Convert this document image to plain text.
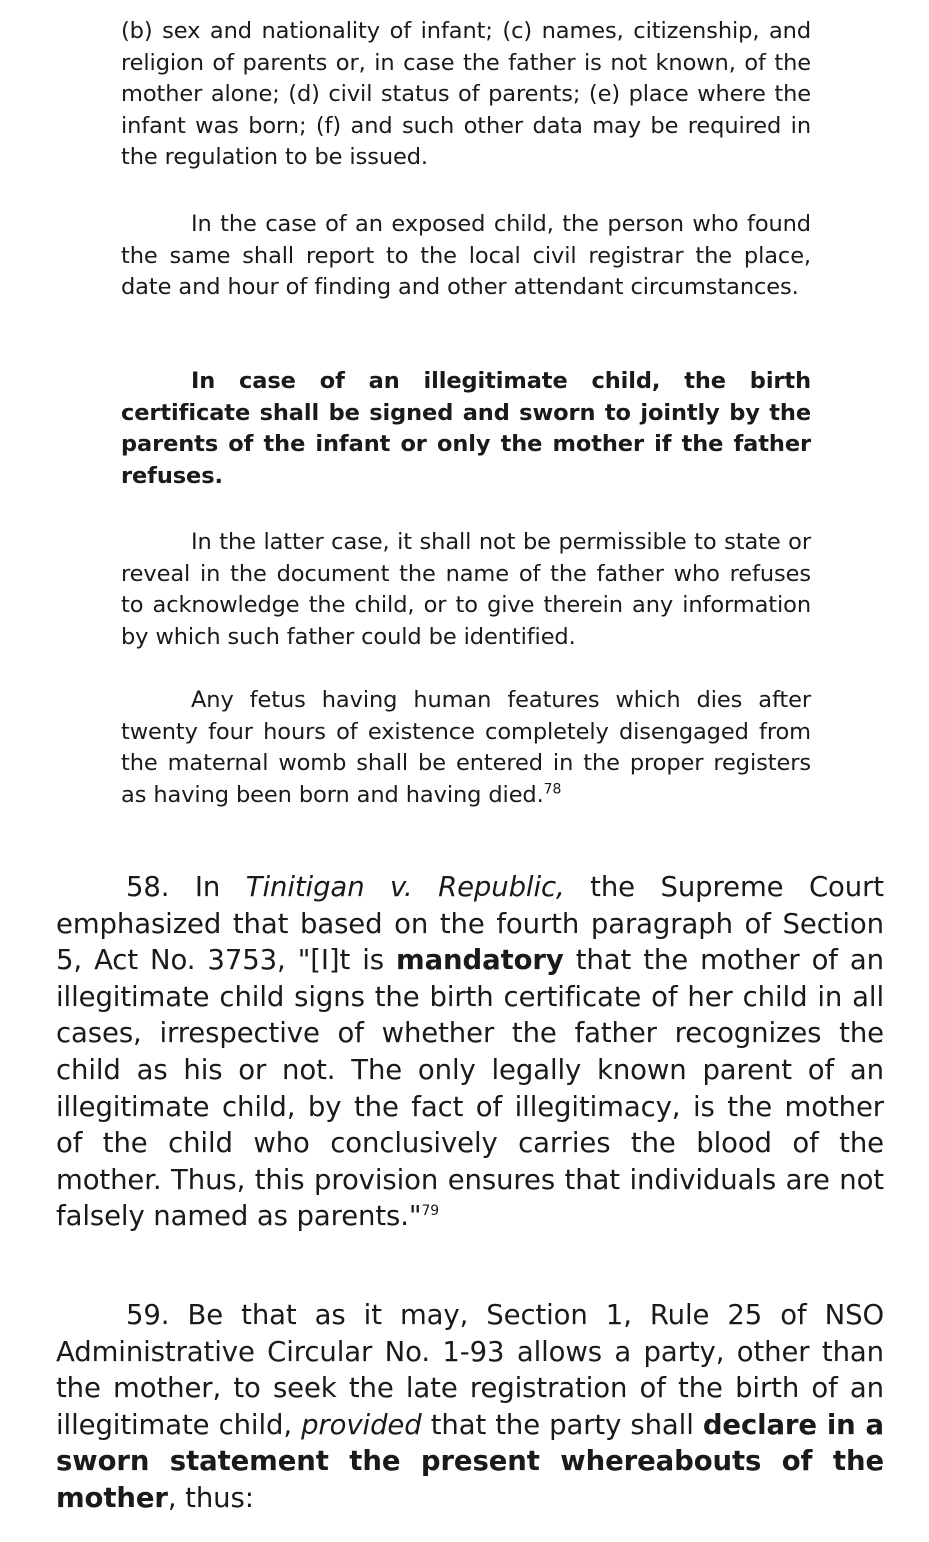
(b) sex and nationality of infant; (c) names, citizenship, and religion of parents or, in case the father is not known, of the mother alone; (d) civil status of parents; (e) place where the infant was born; (f) and such other data may be required in the regulation to be issued.

In the case of an exposed child, the person who found the same shall report to the local civil registrar the place, date and hour of finding and other attendant circumstances.

In case of an illegitimate child, the birth certificate shall be signed and sworn to jointly by the parents of the infant or only the mother if the father refuses.

In the latter case, it shall not be permissible to state or reveal in the document the name of the father who refuses to acknowledge the child, or to give therein any information by which such father could be identified.

Any fetus having human features which dies after twenty four hours of existence completely disengaged from the maternal womb shall be entered in the proper registers as having been born and having died.$^{78}$

58. In Tinitigan v. Republic, the Supreme Court emphasized that based on the fourth paragraph of Section 5, Act No. 3753, "[I]t is mandatory that the mother of an illegitimate child signs the birth certificate of her child in all cases, irrespective of whether the father recognizes the child as his or not. The only legally known parent of an illegitimate child, by the fact of illegitimacy, is the mother of the child who conclusively carries the blood of the mother. Thus, this provision ensures that individuals are not falsely named as parents."$^{79}$

59. Be that as it may, Section 1, Rule 25 of NSO Administrative Circular No. 1-93 allows a party, other than the mother, to seek the late registration of the birth of an illegitimate child, provided that the party shall declare in a sworn statement the present whereabouts of the mother, thus:
